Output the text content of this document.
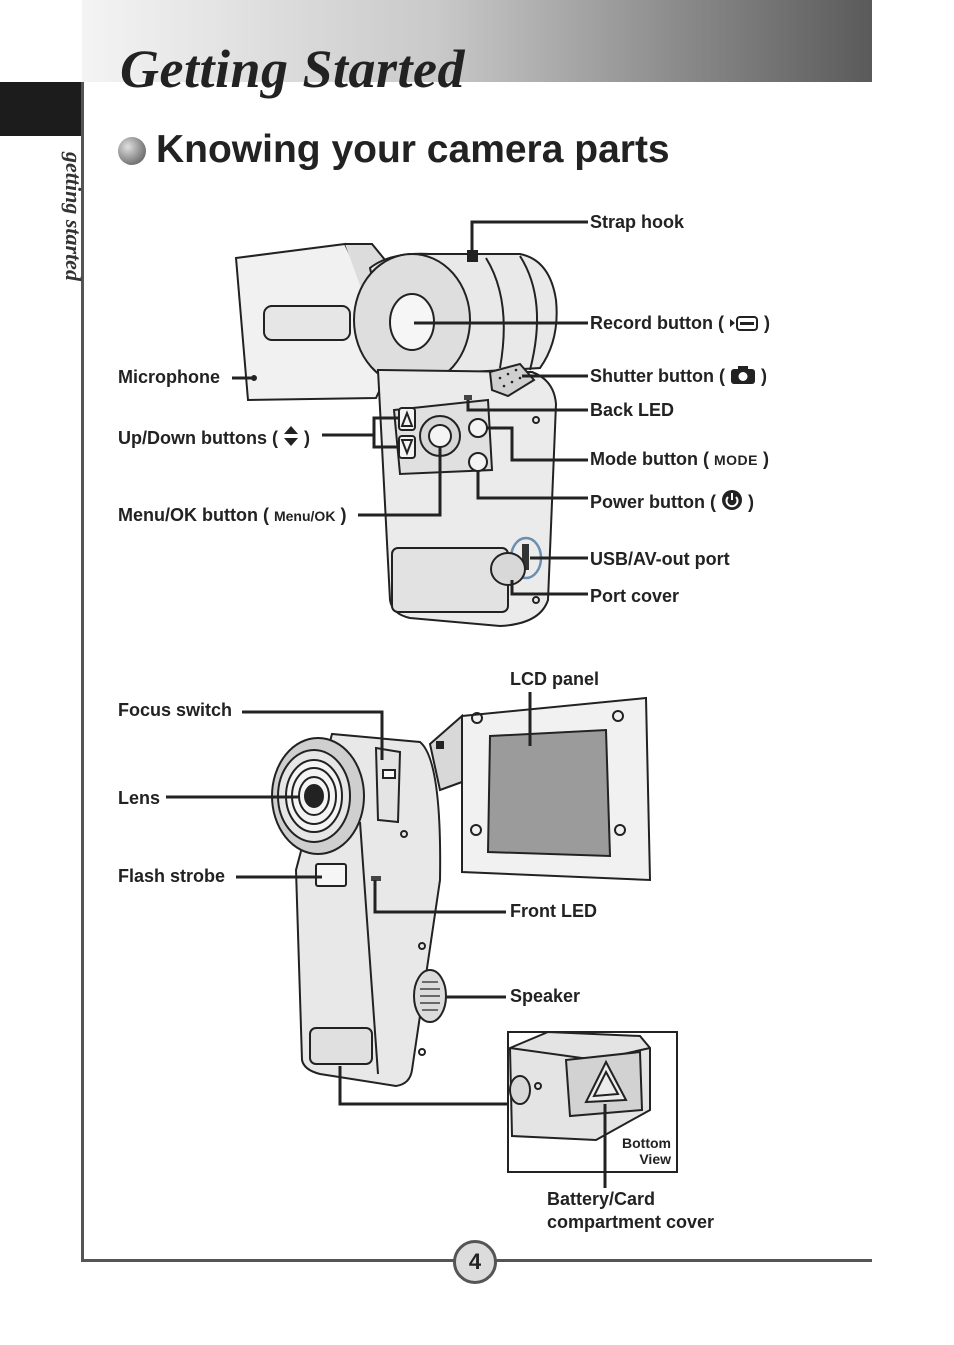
getting started
Getting Started
Knowing your camera parts
Strap hook
Record button ( )
Shutter button ( )
Back LED
Mode button ( MODE )
Power button ( )
USB/AV-out port
Port cover
Microphone
Up/Down buttons ( )
Menu/OK button ( Menu/OK )
LCD panel
Focus switch
Lens
Flash strobe
Front LED
Speaker
Bottom
View
Battery/Card
compartment cover
4
